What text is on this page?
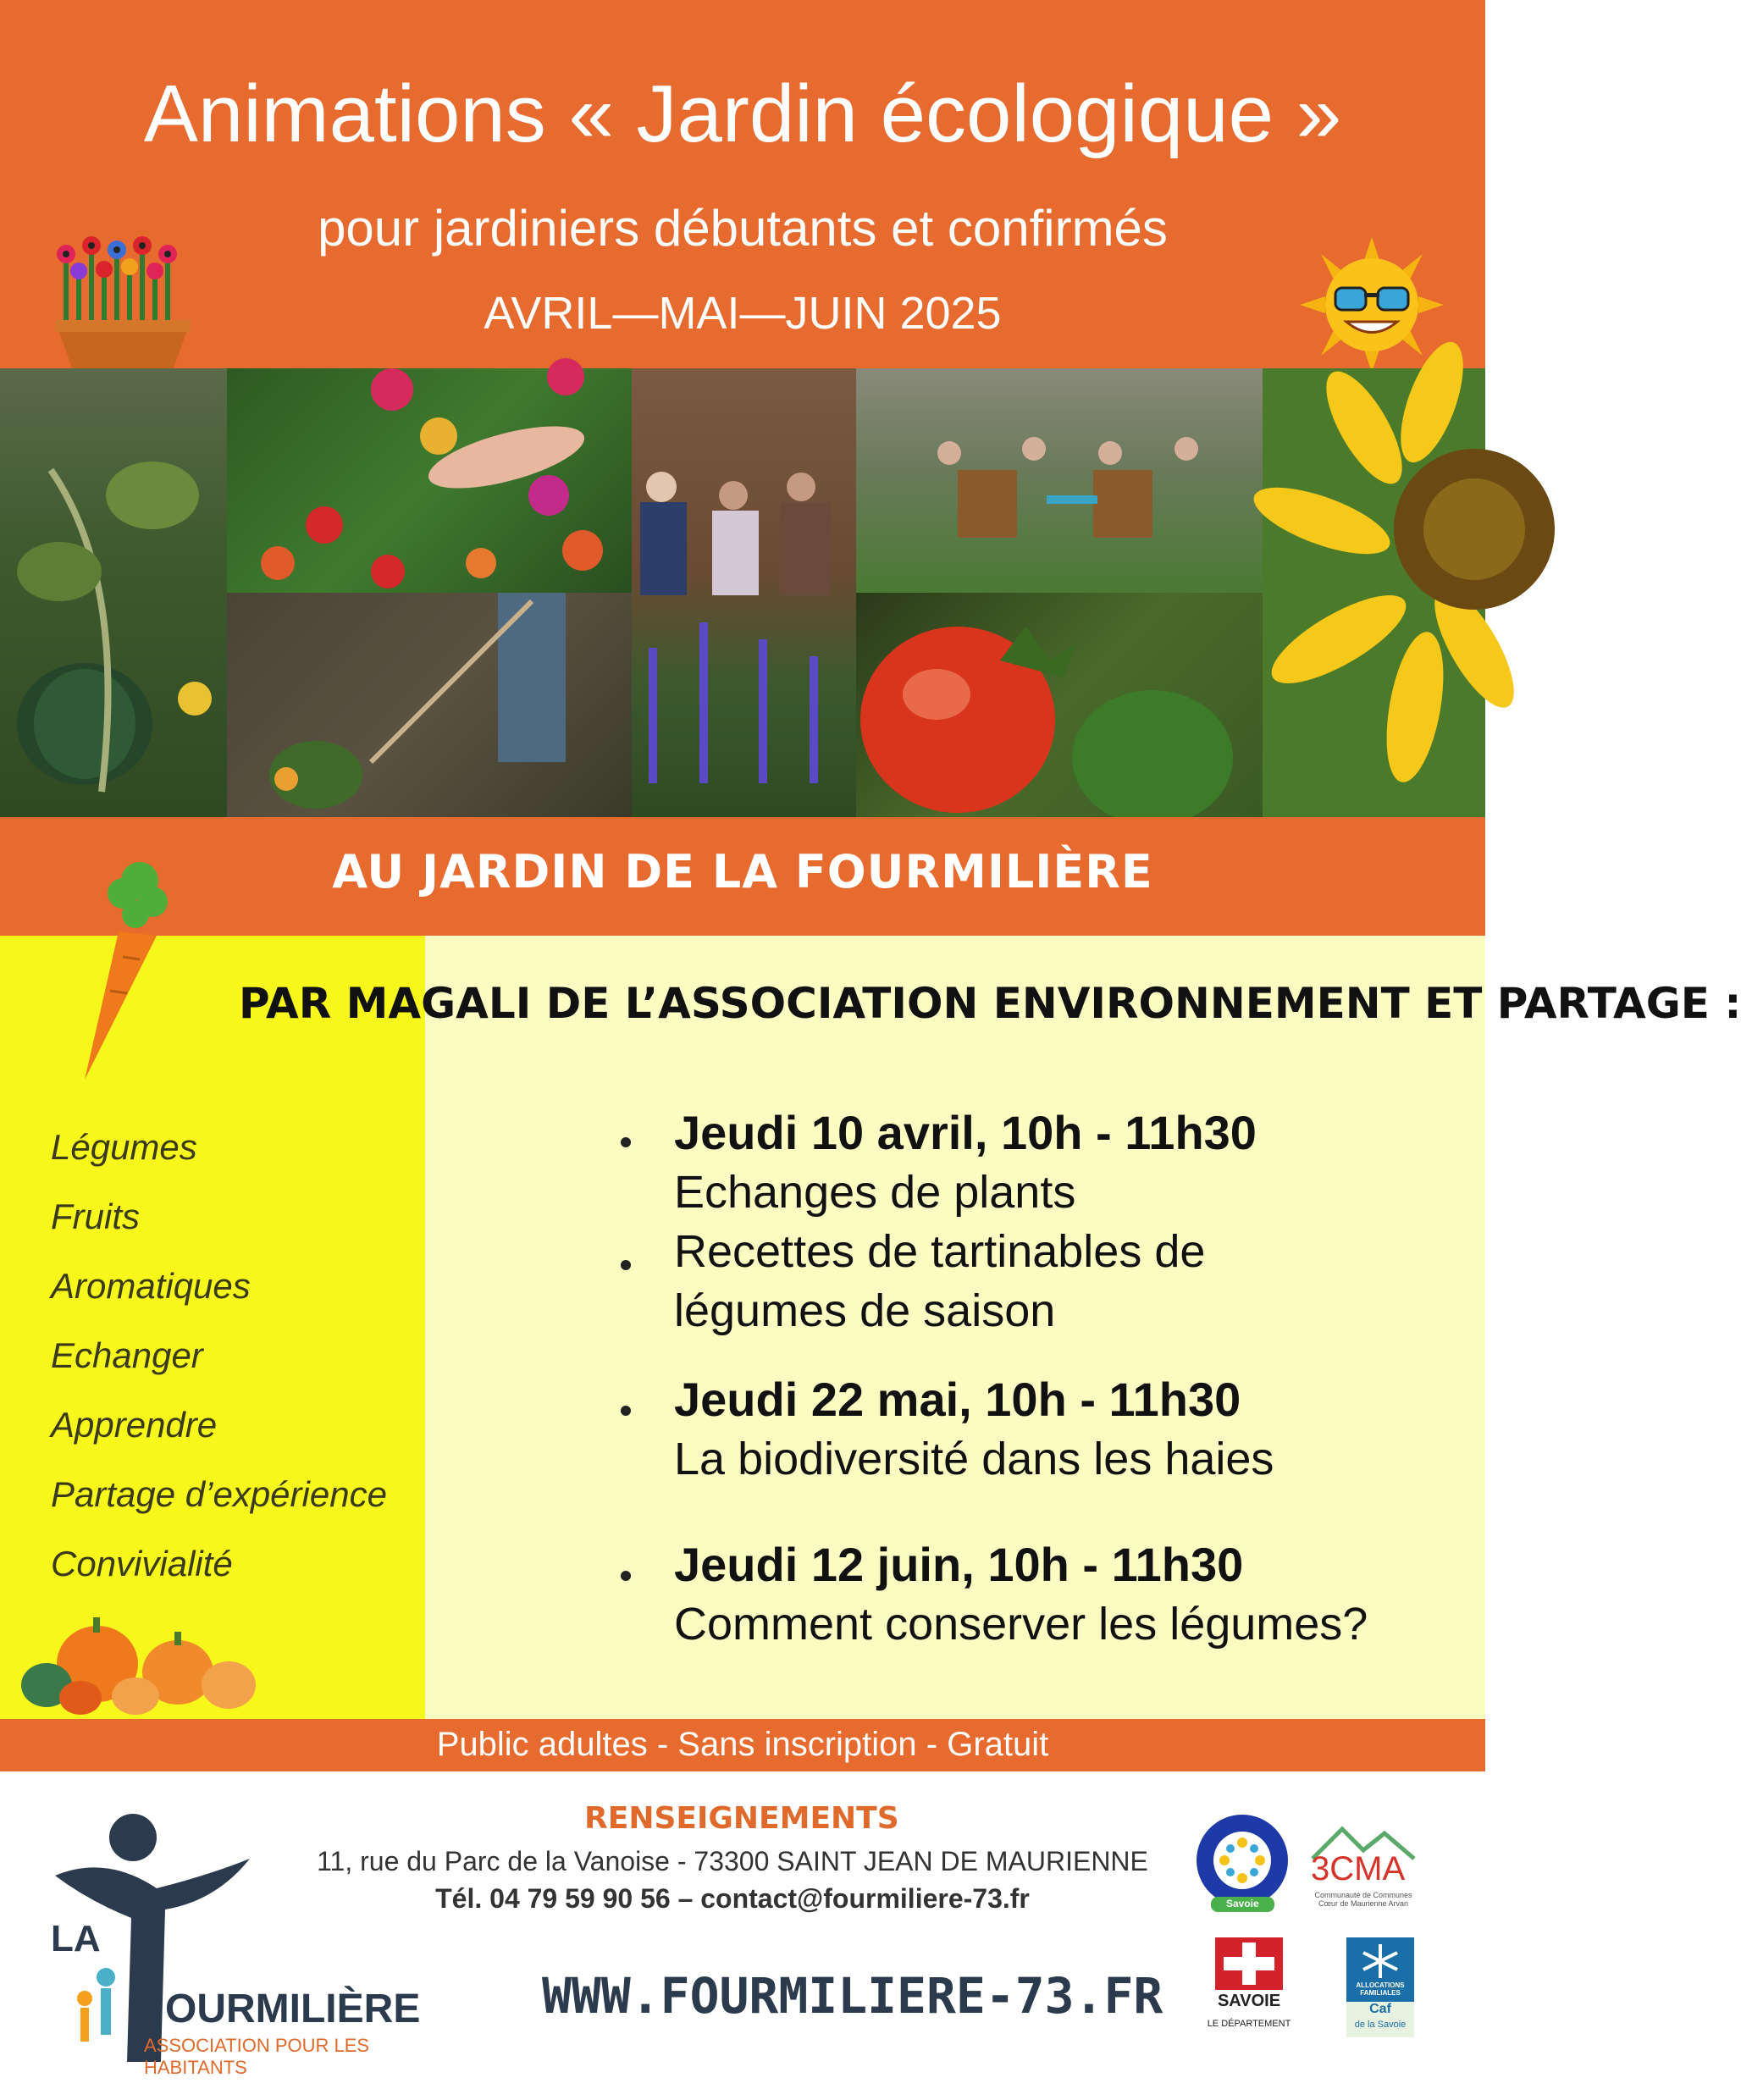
Animations « Jardin écologique »
pour jardiniers débutants et confirmés
AVRIL—MAI—JUIN 2025
AU JARDIN DE LA FOURMILIÈRE
PAR MAGALI DE L’ASSOCIATION ENVIRONNEMENT ET PARTAGE :
Légumes
Fruits
Aromatiques
Echanger
Apprendre
Partage d’expérience
Convivialité
Jeudi 10 avril, 10h - 11h30
Echanges de plants
Recettes de tartinables de
légumes de saison
Jeudi 22 mai, 10h - 11h30
La biodiversité dans les haies
Jeudi 12 juin, 10h - 11h30
Comment conserver les légumes?
Public adultes - Sans inscription - Gratuit
LA
OURMILIÈRE
ASSOCIATION POUR LES HABITANTS
RENSEIGNEMENTS
11, rue du Parc de la Vanoise - 73300 SAINT JEAN DE MAURIENNE
Tél. 04 79 59 90 56 – contact@fourmiliere-73.fr
WWW.FOURMILIERE-73.FR
Savoie
3CMA
Communauté de Communes Cœur de Maurienne Arvan
SAVOIE
LE DÉPARTEMENT
ALLOCATIONS FAMILIALES
Caf
de la Savoie
